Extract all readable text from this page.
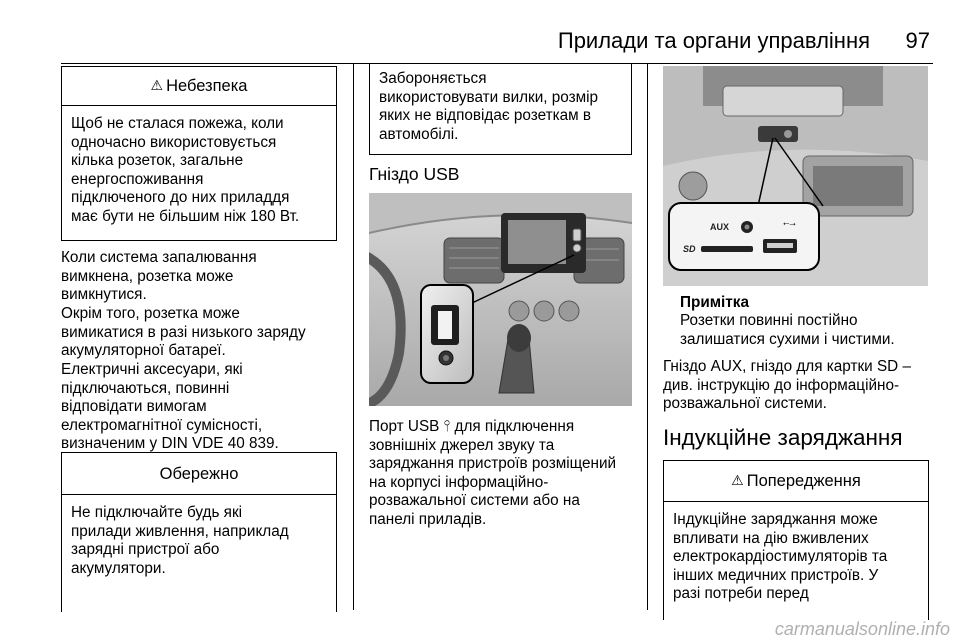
Прилади та органи управління	97
⚠ Небезпека
Щоб не сталася пожежа, коли
одночасно використовується
кілька розеток, загальне
енергоспоживання
підключеного до них приладдя
має бути не більшим ніж 180 Вт.
Коли система запалювання
вимкнена, розетка може
вимкнутися.
Окрім того, розетка може
вимикатися в разі низького заряду
акумуляторної батареї.
Електричні аксесуари, які
підключаються, повинні
відповідати вимогам
електромагнітної сумісності,
визначеним у DIN VDE 40 839.
Обережно
Не підключайте будь які
прилади живлення, наприклад
зарядні пристрої або
акумулятори.
Забороняється
використовувати вилки, розмір
яких не відповідає розеткам в
автомобілі.
Гніздо USB
Порт USB ⫯ для підключення
зовнішніх джерел звуку та
заряджання пристроїв розміщений
на корпусі інформаційно-
розважальної системи або на
панелі приладів.
AUX	⭠⭢
SD
Примітка
Розетки повинні постійно
залишатися сухими і чистими.
Гніздо AUX, гніздо для картки SD –
див. інструкцію до інформаційно-
розважальної системи.
Індукційне заряджання
⚠ Попередження
Індукційне заряджання може
впливати на дію вживлених
електрокардіостимуляторів та
інших медичних пристроїв. У
разі потреби перед
carmanualsonline.info
